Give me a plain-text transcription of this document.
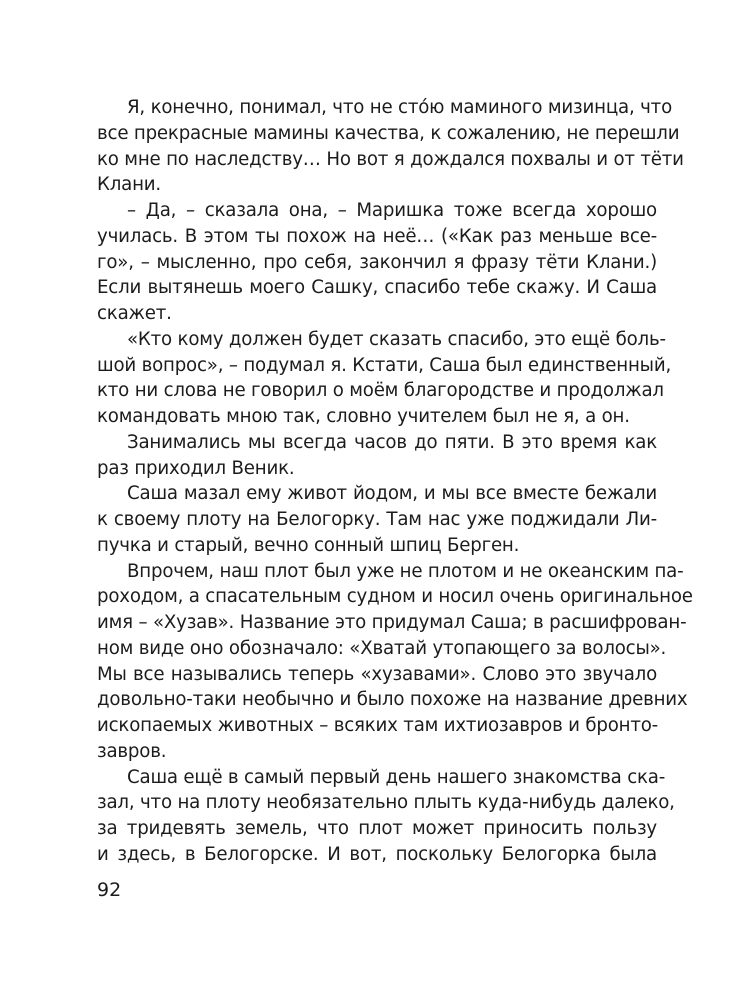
Я, конечно, понимал, что не сто́ю маминого мизинца, что
все прекрасные мамины качества, к сожалению, не перешли
ко мне по наследству… Но вот я дождался похвалы и от тёти
Клани.
– Да, – сказала она, – Маришка тоже всегда хорошо
училась. В этом ты похож на неё… («Как раз меньше все-
го», – мысленно, про себя, закончил я фразу тёти Клани.)
Если вытянешь моего Сашку, спасибо тебе скажу. И Саша
скажет.
«Кто кому должен будет сказать спасибо, это ещё боль-
шой вопрос», – подумал я. Кстати, Саша был единственный,
кто ни слова не говорил о моём благородстве и продолжал
командовать мною так, словно учителем был не я, а он.
Занимались мы всегда часов до пяти. В это время как
раз приходил Веник.
Саша мазал ему живот йодом, и мы все вместе бежали
к своему плоту на Белогорку. Там нас уже поджидали Ли-
пучка и старый, вечно сонный шпиц Берген.
Впрочем, наш плот был уже не плотом и не океанским па-
роходом, а спасательным судном и носил очень оригинальное
имя – «Хузав». Название это придумал Саша; в расшифрован-
ном виде оно обозначало: «Хватай утопающего за волосы».
Мы все назывались теперь «хузавами». Слово это звучало
довольно-таки необычно и было похоже на название древних
ископаемых животных – всяких там ихтиозавров и бронто-
завров.
Саша ещё в самый первый день нашего знакомства ска-
зал, что на плоту необязательно плыть куда-нибудь далеко,
за тридевять земель, что плот может приносить пользу
и здесь, в Белогорске. И вот, поскольку Белогорка была
92
